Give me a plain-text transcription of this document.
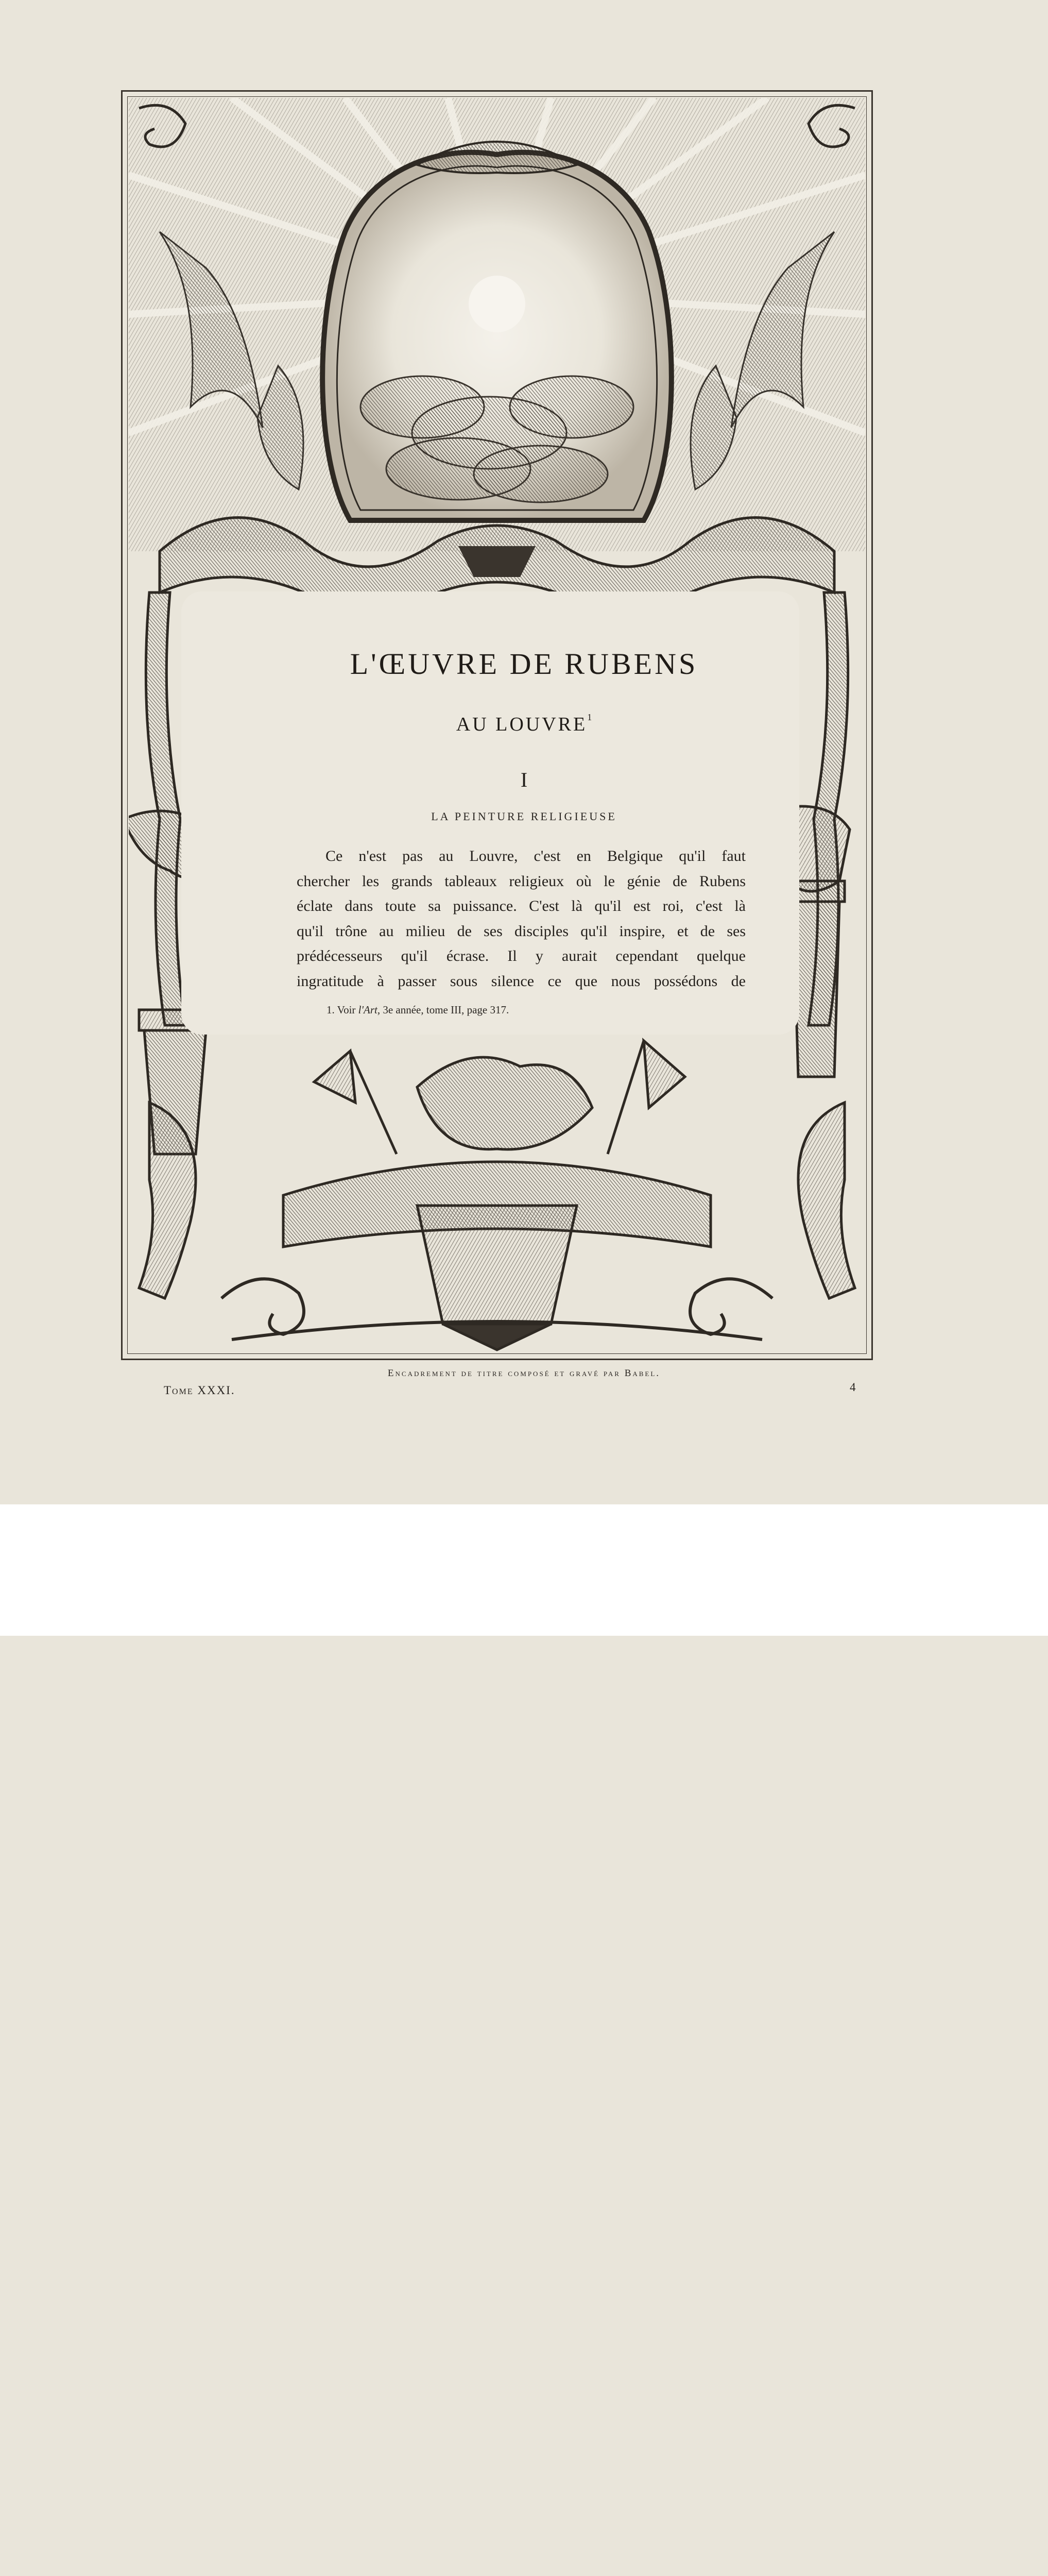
L'ŒUVRE DE RUBENS
AU LOUVRE$^1$
I
LA PEINTURE RELIGIEUSE
Ce n'est pas au Louvre, c'est en Belgique qu'il faut
chercher les grands tableaux religieux où le génie de Rubens
éclate dans toute sa puissance. C'est là qu'il est roi, c'est là
qu'il trône au milieu de ses disciples qu'il inspire, et de ses
prédécesseurs qu'il écrase. Il y aurait cependant quelque
ingratitude à passer sous silence ce que nous possédons de
1. Voir l'Art, 3e année, tome III, page 317.
Encadrement de titre composé et gravé par Babel.
Tome XXXI.	4
